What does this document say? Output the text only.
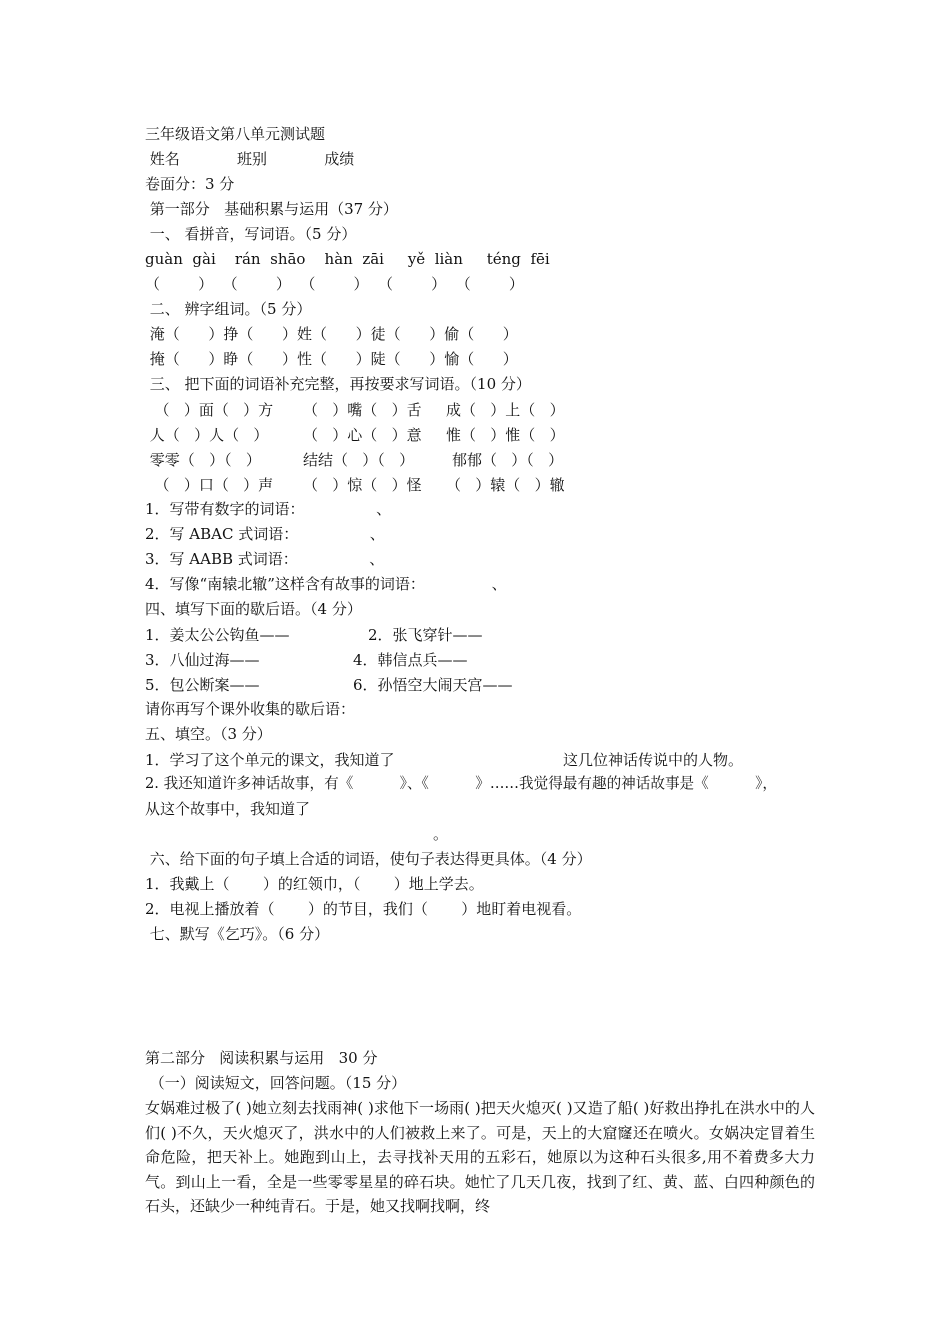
三年级语文第八单元测试题
姓名            班别            成绩
卷面分：3 分
第一部分   基础积累与运用（37 分）
一、 看拼音，写词语。（5 分）
guàn  gài    rán  shāo    hàn  zāi     yě  liàn     téng  fēi
（        ）  （        ）  （        ）  （        ）  （        ）
二、 辨字组词。（5 分）
淹（      ）挣（      ）姓（      ）徒（      ）偷（      ）
掩（      ）睁（      ）性（      ）陡（      ）愉（      ）
三、 把下面的词语补充完整，再按要求写词语。（10 分）
（   ）面（   ）方 （   ）嘴（   ）舌 成（   ）上（   ）
人（   ）人（   ） （   ）心（   ）意 惟（   ）惟（   ）
零零（   ）（   ）	结结（   ）（   ）	郁郁（   ）（   ）
（   ）口（   ）声 （   ）惊（   ）怪 （   ）辕（   ）辙
1．写带有数字的词语：               、
2．写 ABAC 式词语：               、
3．写 AABB 式词语：               、
4．写像“南辕北辙”这样含有故事的词语：              、
四、填写下面的歇后语。（4 分）
1．姜太公公钩鱼——	2．张飞穿针——
3．八仙过海——	4．韩信点兵——
5．包公断案——	6．孙悟空大闹天宫——
请你再写个课外收集的歇后语：
五、填空。（3 分）
1．学习了这个单元的课文，我知道了	这几位神话传说中的人物。
2. 我还知道许多神话故事，有《          》、《          》……我觉得最有趣的神话故事是《          》，
从这个故事中，我知道了
。
六、给下面的句子填上合适的词语，使句子表达得更具体。（4 分）
1．我戴上（       ）的红领巾，（       ）地上学去。
2．电视上播放着（       ）的节目，我们（       ）地盯着电视看。
七、默写《乞巧》。（6 分）
第二部分   阅读积累与运用   30 分
（一）阅读短文，回答问题。（15 分）
女娲难过极了( )她立刻去找雨神( )求他下一场雨( )把天火熄灭( )又造了船( )好救出挣扎在洪水中的人们( )不久，天火熄灭了，洪水中的人们被救上来了。可是，天上的大窟窿还在喷火。女娲决定冒着生命危险，把天补上。她跑到山上，去寻找补天用的五彩石，她原以为这种石头很多,用不着费多大力气。到山上一看，全是一些零零星星的碎石块。她忙了几天几夜，找到了红、黄、蓝、白四种颜色的石头，还缺少一种纯青石。于是，她又找啊找啊，终
